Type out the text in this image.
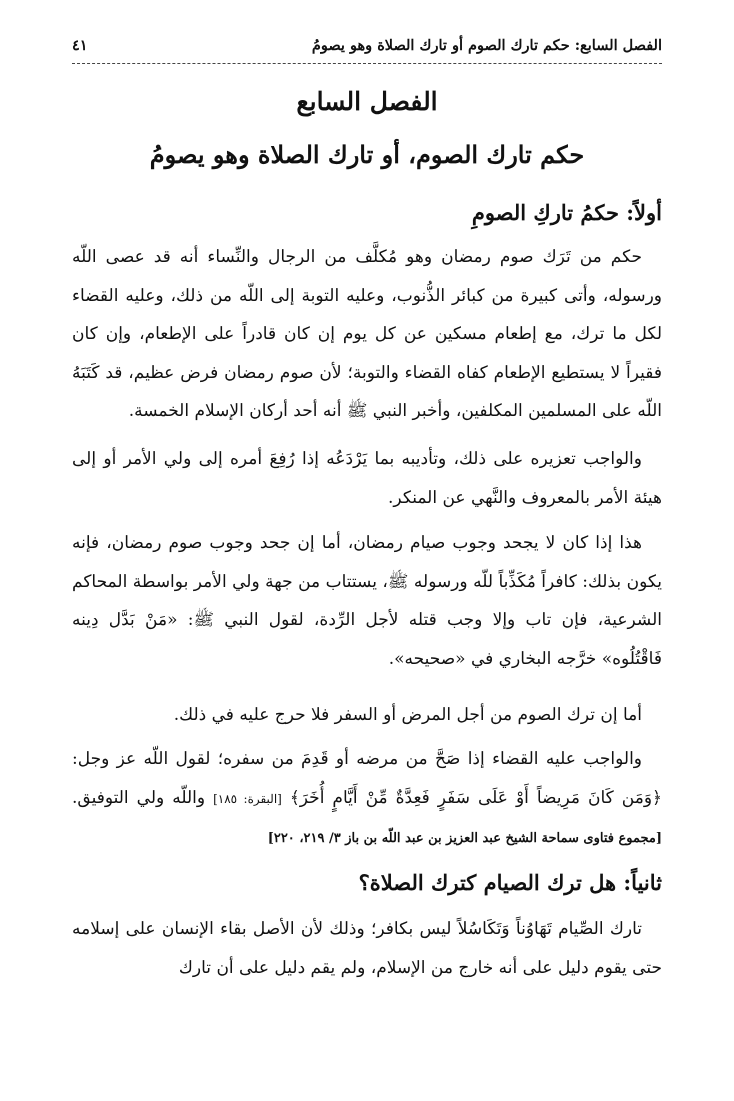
الفصل السابع: حكم تارك الصوم أو تارك الصلاة وهو يصومُ
٤١
الفصل السابع
حكم تارك الصوم، أو تارك الصلاة وهو يصومُ
أولاً: حكمُ تاركِ الصومِ

حكم من تَرَك صوم رمضان وهو مُكلَّف من الرجال والنِّساء أنه قد عصى اللّه ورسوله، وأتى كبيرة من كبائر الذُّنوب، وعليه التوبة إلى اللّه من ذلك، وعليه القضاء لكل ما ترك، مع إطعام مسكين عن كل يوم إن كان قادراً على الإطعام، وإن كان فقيراً لا يستطيع الإطعام كفاه القضاء والتوبة؛ لأن صوم رمضان فرض عظيم، قد كَتَبَهُ اللّه على المسلمين المكلفين، وأخبر النبي ﷺ أنه أحد أركان الإسلام الخمسة.

والواجب تعزيره على ذلك، وتأديبه بما يَرْدَعُه إذا رُفِعَ أمره إلى ولي الأمر أو إلى هيئة الأمر بالمعروف والنَّهي عن المنكر.

هذا إذا كان لا يجحد وجوب صيام رمضان، أما إن جحد وجوب صوم رمضان، فإنه يكون بذلك: كافراً مُكَذِّباً للّه ورسوله ﷺ، يستتاب من جهة ولي الأمر بواسطة المحاكم الشرعية، فإن تاب وإلا وجب قتله لأجل الرِّدة، لقول النبي ﷺ: «مَنْ بَدَّل دِينه فَاقْتُلُوه» خرَّجه البخاري في «صحيحه».

أما إن ترك الصوم من أجل المرض أو السفر فلا حرج عليه في ذلك.

والواجب عليه القضاء إذا صَحَّ من مرضه أو قَدِمَ من سفره؛ لقول اللّه عز وجل: ﴿وَمَن كَانَ مَرِيضاً أَوْ عَلَى سَفَرٍ فَعِدَّةٌ مِّنْ أَيَّامٍ أُخَرَ﴾ [البقرة: ١٨٥] واللّه ولي التوفيق. [مجموع فتاوى سماحة الشيخ عبد العزيز بن عبد اللّه بن باز ٣/ ٢١٩، ٢٢٠]

ثانياً: هل ترك الصيام كترك الصلاة؟

تارك الصِّيام تَهَاوُناً وَتَكَاسُلاً ليس بكافر؛ وذلك لأن الأصل بقاء الإنسان على إسلامه حتى يقوم دليل على أنه خارج من الإسلام، ولم يقم دليل على أن تارك
